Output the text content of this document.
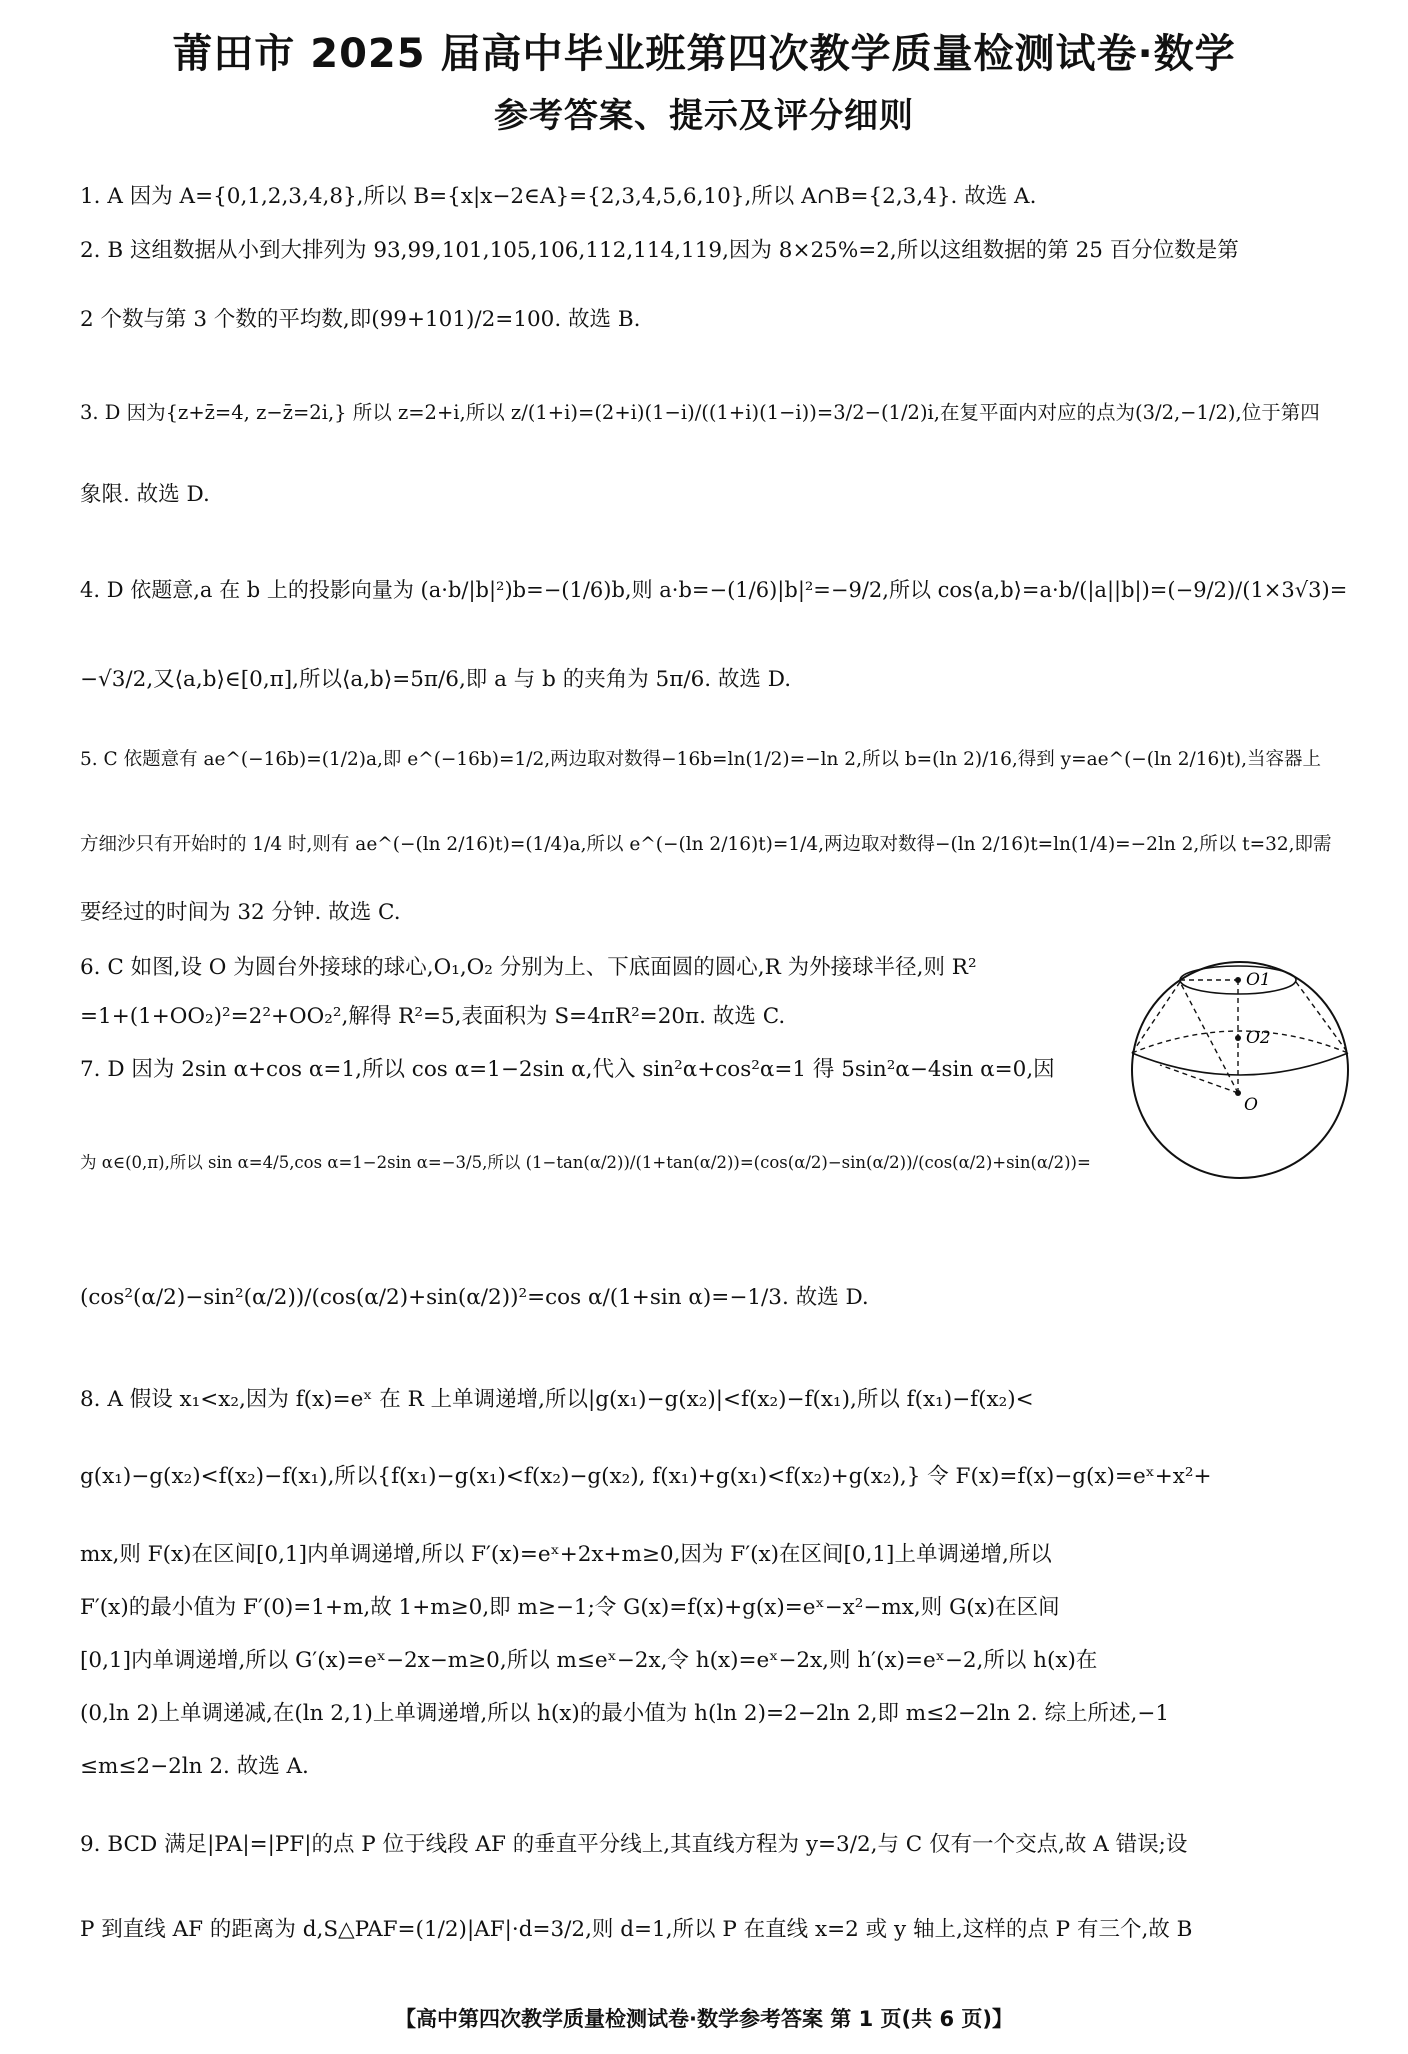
莆田市 2025 届高中毕业班第四次教学质量检测试卷·数学
参考答案、提示及评分细则
1. A 因为 A={0,1,2,3,4,8},所以 B={x|x−2∈A}={2,3,4,5,6,10},所以 A∩B={2,3,4}. 故选 A.
2. B 这组数据从小到大排列为 93,99,101,105,106,112,114,119,因为 8×25%=2,所以这组数据的第 25 百分位数是第
2 个数与第 3 个数的平均数,即(99+101)/2=100. 故选 B.
3. D 因为{z+z̄=4, z−z̄=2i,} 所以 z=2+i,所以 z/(1+i)=(2+i)(1−i)/((1+i)(1−i))=3/2−(1/2)i,在复平面内对应的点为(3/2,−1/2),位于第四
象限. 故选 D.
4. D 依题意,a 在 b 上的投影向量为 (a·b/|b|²)b=−(1/6)b,则 a·b=−(1/6)|b|²=−9/2,所以 cos⟨a,b⟩=a·b/(|a||b|)=(−9/2)/(1×3√3)=
−√3/2,又⟨a,b⟩∈[0,π],所以⟨a,b⟩=5π/6,即 a 与 b 的夹角为 5π/6. 故选 D.
5. C 依题意有 ae^(−16b)=(1/2)a,即 e^(−16b)=1/2,两边取对数得−16b=ln(1/2)=−ln 2,所以 b=(ln 2)/16,得到 y=ae^(−(ln 2/16)t),当容器上
方细沙只有开始时的 1/4 时,则有 ae^(−(ln 2/16)t)=(1/4)a,所以 e^(−(ln 2/16)t)=1/4,两边取对数得−(ln 2/16)t=ln(1/4)=−2ln 2,所以 t=32,即需
要经过的时间为 32 分钟. 故选 C.
6. C 如图,设 O 为圆台外接球的球心,O₁,O₂ 分别为上、下底面圆的圆心,R 为外接球半径,则 R²
=1+(1+OO₂)²=2²+OO₂²,解得 R²=5,表面积为 S=4πR²=20π. 故选 C.
7. D 因为 2sin α+cos α=1,所以 cos α=1−2sin α,代入 sin²α+cos²α=1 得 5sin²α−4sin α=0,因
为 α∈(0,π),所以 sin α=4/5,cos α=1−2sin α=−3/5,所以 (1−tan(α/2))/(1+tan(α/2))=(cos(α/2)−sin(α/2))/(cos(α/2)+sin(α/2))=
(cos²(α/2)−sin²(α/2))/(cos(α/2)+sin(α/2))²=cos α/(1+sin α)=−1/3. 故选 D.
8. A 假设 x₁<x₂,因为 f(x)=eˣ 在 R 上单调递增,所以|g(x₁)−g(x₂)|<f(x₂)−f(x₁),所以 f(x₁)−f(x₂)<
g(x₁)−g(x₂)<f(x₂)−f(x₁),所以{f(x₁)−g(x₁)<f(x₂)−g(x₂), f(x₁)+g(x₁)<f(x₂)+g(x₂),} 令 F(x)=f(x)−g(x)=eˣ+x²+
mx,则 F(x)在区间[0,1]内单调递增,所以 F′(x)=eˣ+2x+m≥0,因为 F′(x)在区间[0,1]上单调递增,所以
F′(x)的最小值为 F′(0)=1+m,故 1+m≥0,即 m≥−1;令 G(x)=f(x)+g(x)=eˣ−x²−mx,则 G(x)在区间
[0,1]内单调递增,所以 G′(x)=eˣ−2x−m≥0,所以 m≤eˣ−2x,令 h(x)=eˣ−2x,则 h′(x)=eˣ−2,所以 h(x)在
(0,ln 2)上单调递减,在(ln 2,1)上单调递增,所以 h(x)的最小值为 h(ln 2)=2−2ln 2,即 m≤2−2ln 2. 综上所述,−1
≤m≤2−2ln 2. 故选 A.
9. BCD 满足|PA|=|PF|的点 P 位于线段 AF 的垂直平分线上,其直线方程为 y=3/2,与 C 仅有一个交点,故 A 错误;设
P 到直线 AF 的距离为 d,S△PAF=(1/2)|AF|·d=3/2,则 d=1,所以 P 在直线 x=2 或 y 轴上,这样的点 P 有三个,故 B
O1
O2
O
【高中第四次教学质量检测试卷·数学参考答案 第 1 页(共 6 页)】
